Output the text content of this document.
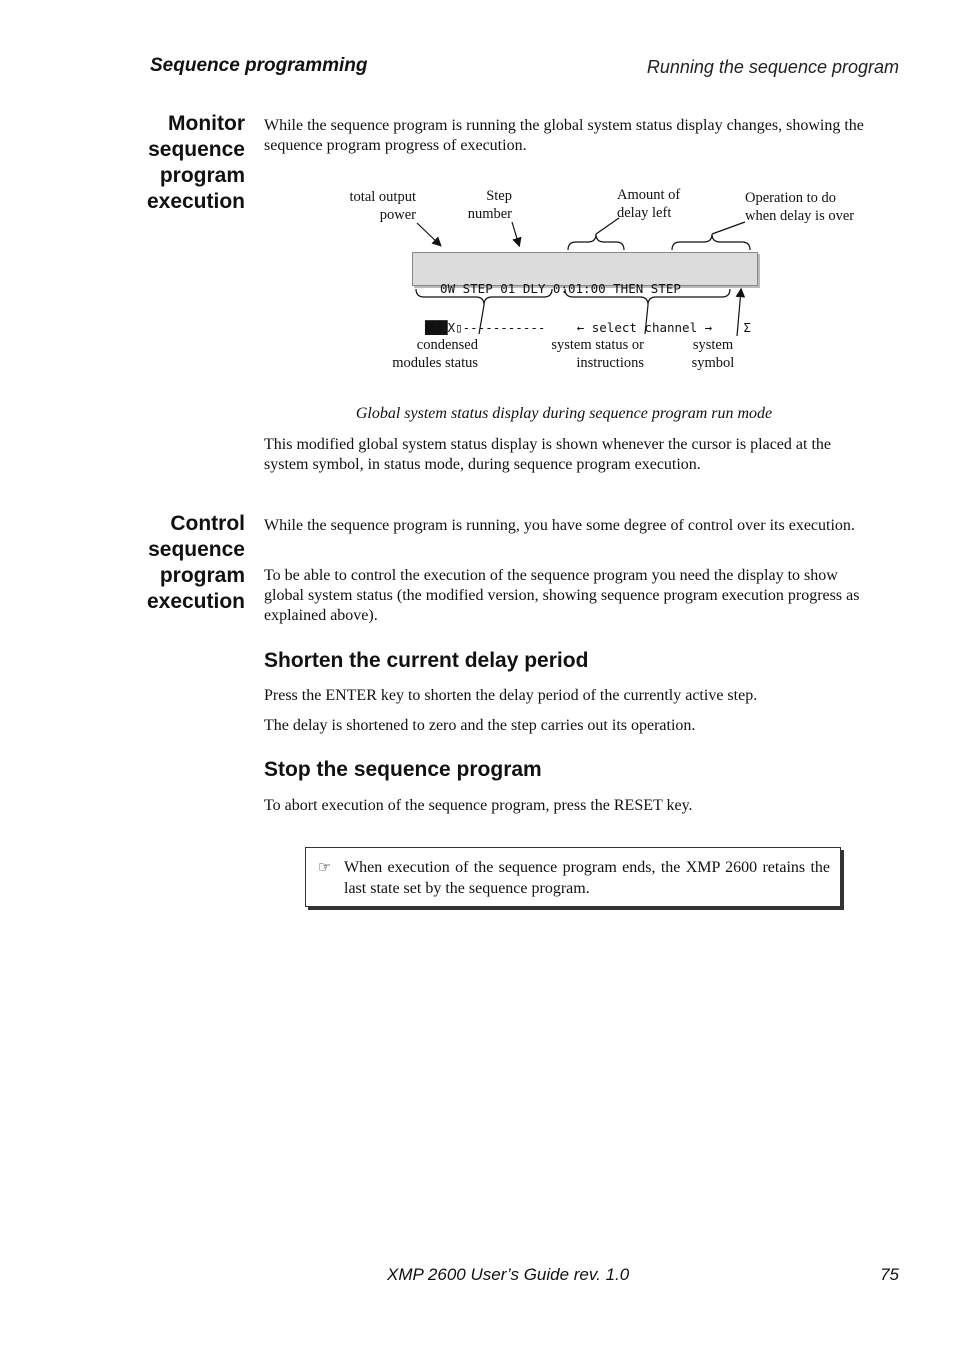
Sequence programming	Running the sequence program
Monitor
sequence
program
execution
While the sequence program is running the global system status display changes, showing the sequence program progress of execution.
total output power
Step number
Amount of delay left
Operation to do when delay is over
condensed modules status
system status or instructions
system symbol

0W STEP 01 DLY 0:01:00 THEN STEP

███X▯-----------	← select channel →	Σ

Global system status display during sequence program run mode
This modified global system status display is shown whenever the cursor is placed at the system symbol, in status mode, during sequence program execution.
Control
sequence
program
execution
While the sequence program is running, you have some degree of control over its execution.
To be able to control the execution of the sequence program you need the display to show global system status (the modified version, showing sequence program execution progress as explained above).
Shorten the current delay period
Press the ENTER key to shorten the delay period of the currently active step.
The delay is shortened to zero and the step carries out its operation.
Stop the sequence program
To abort execution of the sequence program, press the RESET key.
☞ When execution of the sequence program ends, the XMP 2600 retains the last state set by the sequence program.
XMP 2600 User’s Guide rev. 1.0	75
